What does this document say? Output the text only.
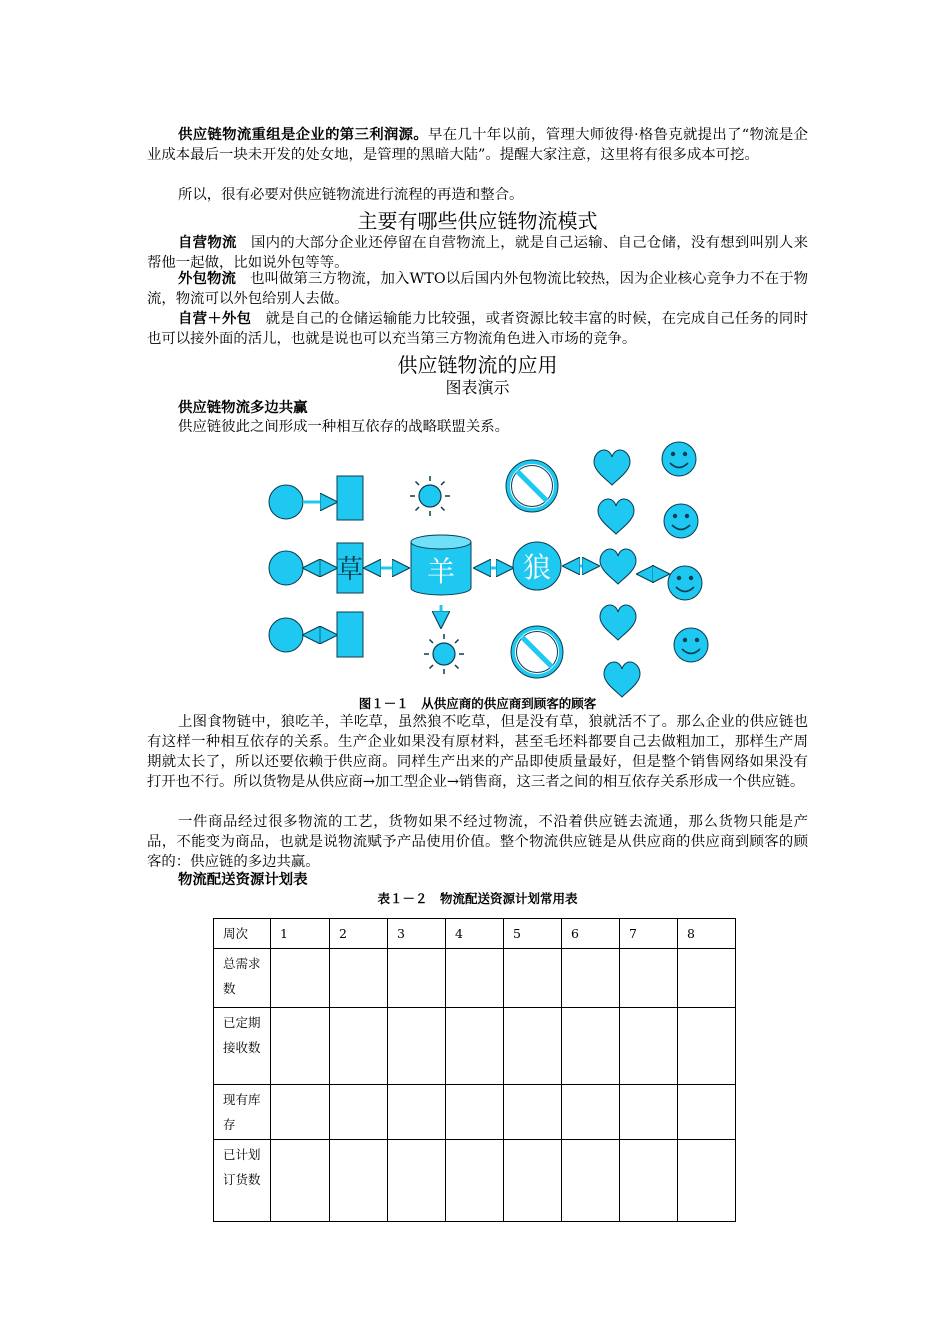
供应链物流重组是企业的第三利润源。早在几十年以前，管理大师彼得·格鲁克就提出了“物流是企业成本最后一块未开发的处女地，是管理的黑暗大陆”。提醒大家注意，这里将有很多成本可挖。
所以，很有必要对供应链物流进行流程的再造和整合。
主要有哪些供应链物流模式
自营物流 国内的大部分企业还停留在自营物流上，就是自己运输、自己仓储，没有想到叫别人来帮他一起做，比如说外包等等。
外包物流 也叫做第三方物流，加入WTO以后国内外包物流比较热，因为企业核心竞争力不在于物流，物流可以外包给别人去做。
自营＋外包 就是自己的仓储运输能力比较强，或者资源比较丰富的时候，在完成自己任务的同时也可以接外面的活儿，也就是说也可以充当第三方物流角色进入市场的竞争。
供应链物流的应用
图表演示
供应链物流多边共赢
供应链彼此之间形成一种相互依存的战略联盟关系。
草 羊 狼
图１－１　从供应商的供应商到顾客的顾客
上图食物链中，狼吃羊，羊吃草，虽然狼不吃草，但是没有草，狼就活不了。那么企业的供应链也有这样一种相互依存的关系。生产企业如果没有原材料，甚至毛坯料都要自己去做粗加工，那样生产周期就太长了，所以还要依赖于供应商。同样生产出来的产品即使质量最好，但是整个销售网络如果没有打开也不行。所以货物是从供应商→加工型企业→销售商，这三者之间的相互依存关系形成一个供应链。
一件商品经过很多物流的工艺，货物如果不经过物流，不沿着供应链去流通，那么货物只能是产品，不能变为商品，也就是说物流赋予产品使用价值。整个物流供应链是从供应商的供应商到顾客的顾客的：供应链的多边共赢。
物流配送资源计划表
表１－２　物流配送资源计划常用表
周次	1	2	3	4	5	6	7	8
总需求数								
已定期接收数								
现有库存								
已计划订货数								
